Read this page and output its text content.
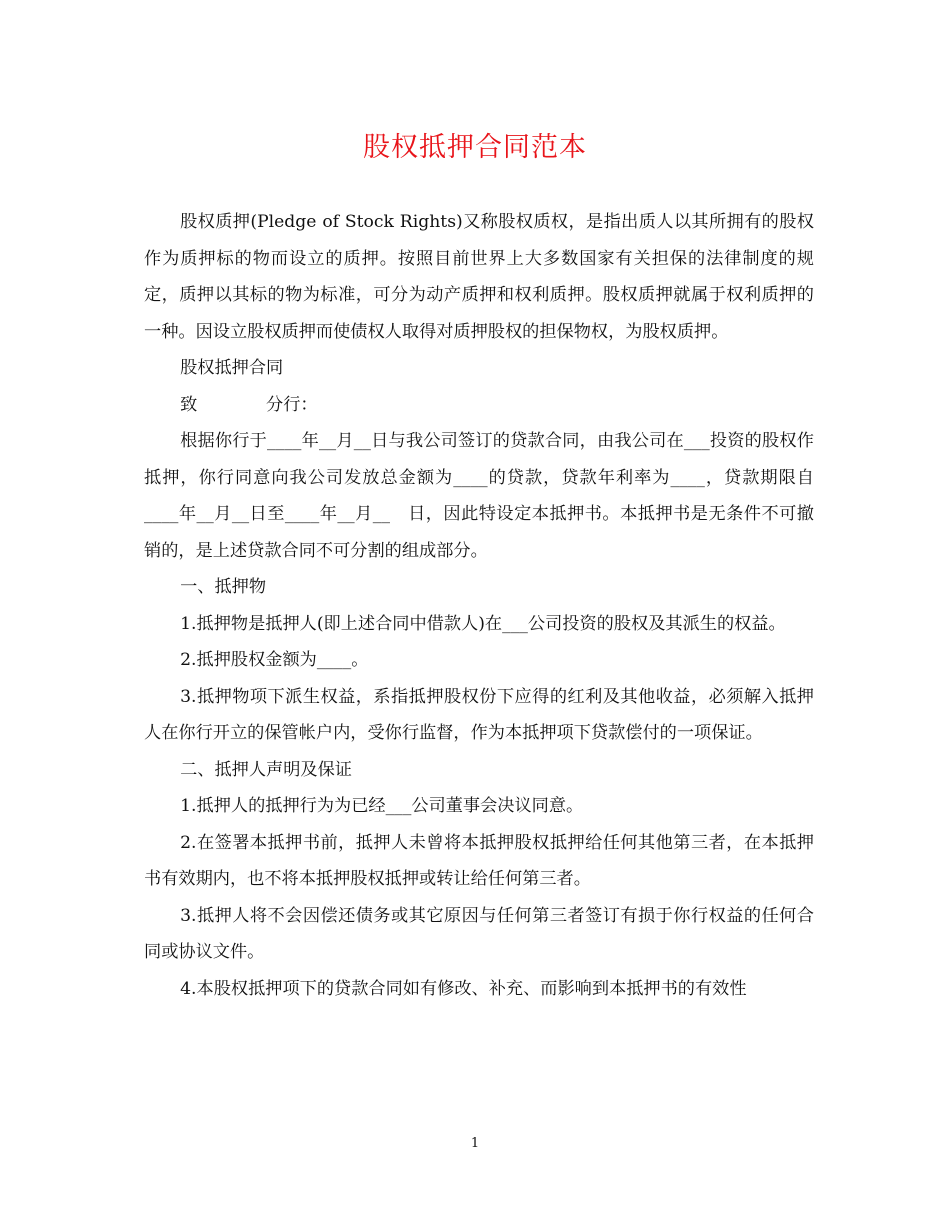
股权抵押合同范本

股权质押(Pledge of Stock Rights)又称股权质权，是指出质人以其所拥有的股权作为质押标的物而设立的质押。按照目前世界上大多数国家有关担保的法律制度的规定，质押以其标的物为标准，可分为动产质押和权利质押。股权质押就属于权利质押的一种。因设立股权质押而使债权人取得对质押股权的担保物权，为股权质押。

股权抵押合同

致　　　　分行：

根据你行于____年__月__日与我公司签订的贷款合同，由我公司在___投资的股权作抵押，你行同意向我公司发放总金额为____的贷款，贷款年利率为____，贷款期限自____年__月__日至____年__月__　日，因此特设定本抵押书。本抵押书是无条件不可撤销的，是上述贷款合同不可分割的组成部分。

一、抵押物

1.抵押物是抵押人(即上述合同中借款人)在___公司投资的股权及其派生的权益。

2.抵押股权金额为____。

3.抵押物项下派生权益，系指抵押股权份下应得的红利及其他收益，必须解入抵押人在你行开立的保管帐户内，受你行监督，作为本抵押项下贷款偿付的一项保证。

二、抵押人声明及保证

1.抵押人的抵押行为为已经___公司董事会决议同意。

2.在签署本抵押书前，抵押人未曾将本抵押股权抵押给任何其他第三者，在本抵押书有效期内，也不将本抵押股权抵押或转让给任何第三者。

3.抵押人将不会因偿还债务或其它原因与任何第三者签订有损于你行权益的任何合同或协议文件。

4.本股权抵押项下的贷款合同如有修改、补充、而影响到本抵押书的有效性

1
